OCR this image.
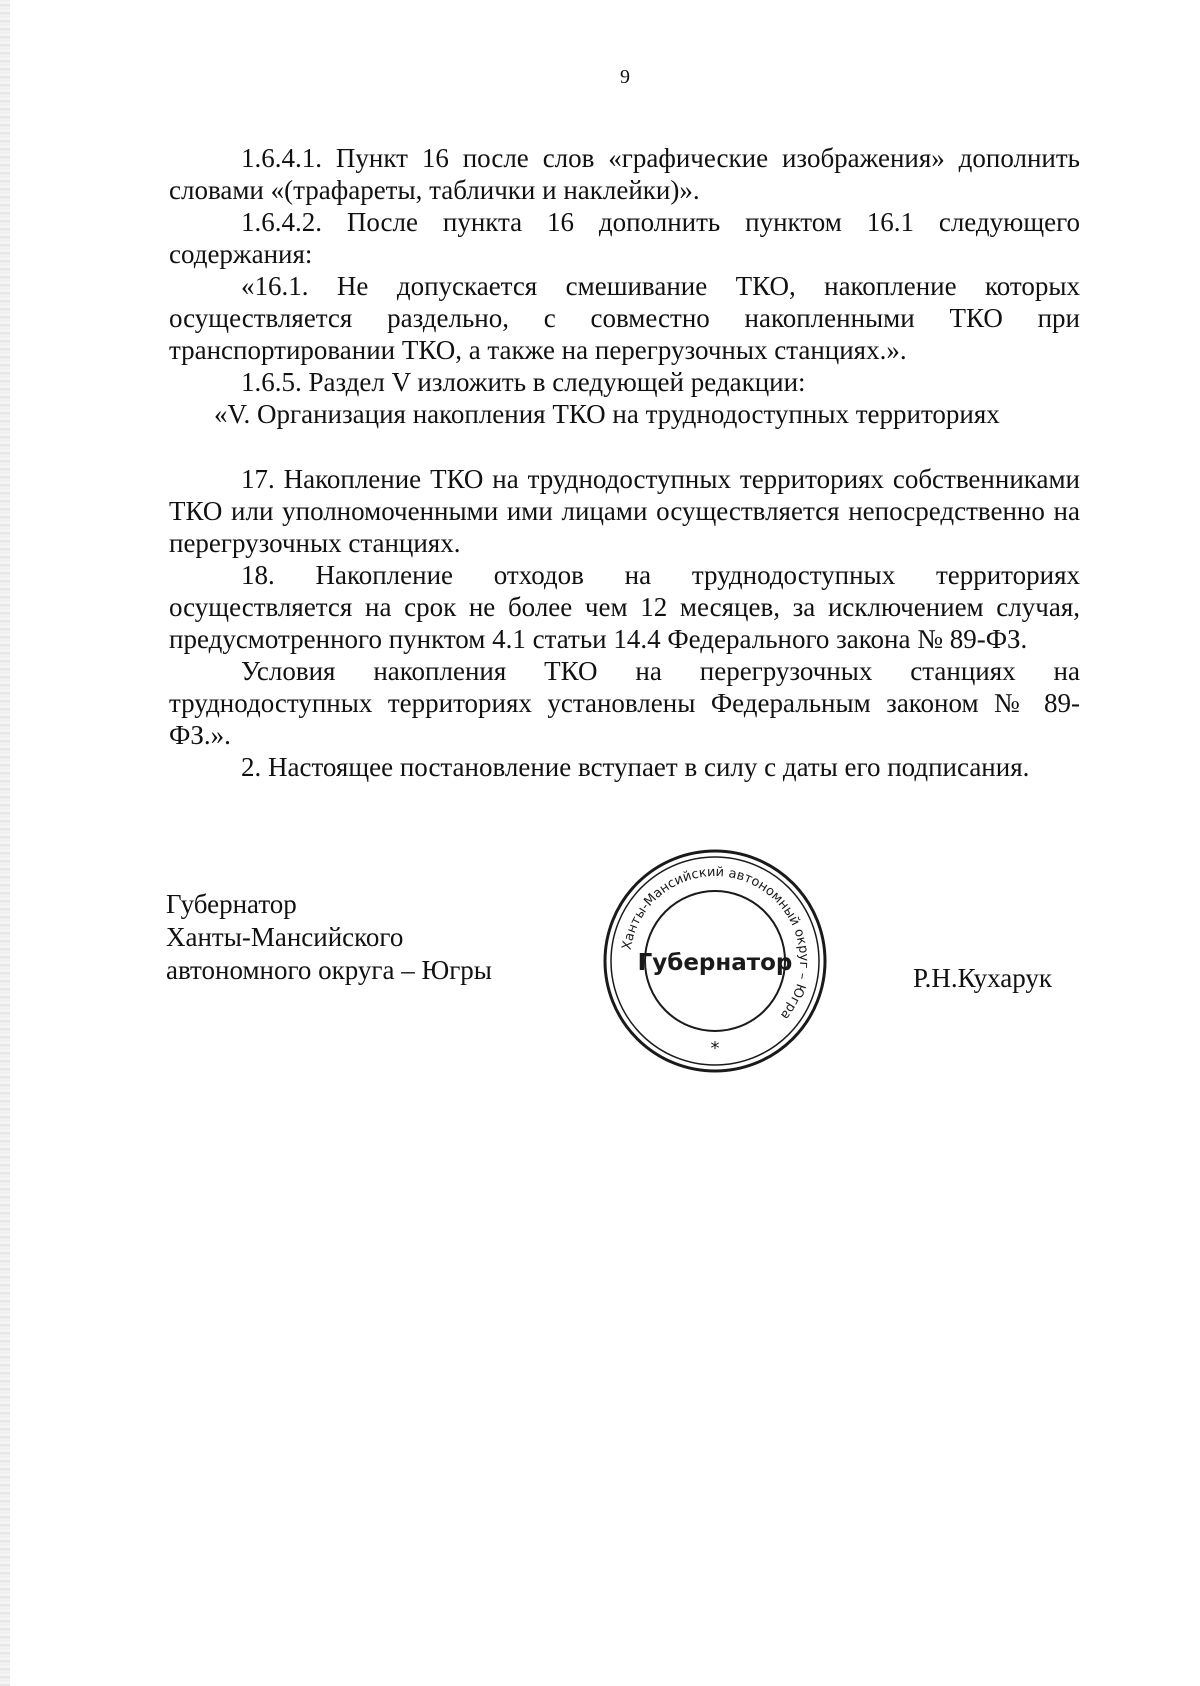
9

1.6.4.1. Пункт 16 после слов «графические изображения» дополнить словами «(трафареты, таблички и наклейки)».

1.6.4.2. После пункта 16 дополнить пунктом 16.1 следующего содержания:

«16.1. Не допускается смешивание ТКО, накопление которых осуществляется раздельно, с совместно накопленными ТКО при транспортировании ТКО, а также на перегрузочных станциях.».

1.6.5. Раздел V изложить в следующей редакции:

«V. Организация накопления ТКО на труднодоступных территориях

17. Накопление ТКО на труднодоступных территориях собственниками ТКО или уполномоченными ими лицами осуществляется непосредственно на перегрузочных станциях.

18. Накопление отходов на труднодоступных территориях осуществляется на срок не более чем 12 месяцев, за исключением случая, предусмотренного пунктом 4.1 статьи 14.4 Федерального закона № 89-ФЗ.

Условия накопления ТКО на перегрузочных станциях на труднодоступных территориях установлены Федеральным законом № 89-ФЗ.».

2. Настоящее постановление вступает в силу с даты его подписания.

Губернатор
Ханты-Мансийского
автономного округа – Югры
Ханты-Мансийский автономный округ – Югра
Губернатор
*
Р.Н.Кухарук
